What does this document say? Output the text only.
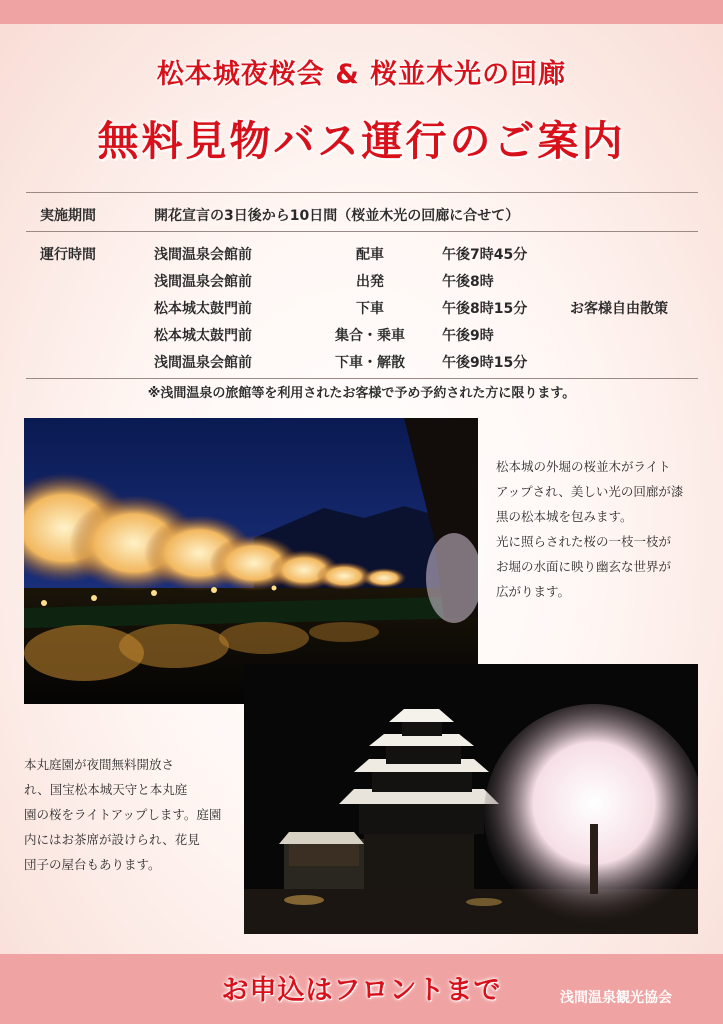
松本城夜桜会 & 桜並木光の回廊
無料見物バス運行のご案内
実施期間	開花宣言の3日後から10日間（桜並木光の回廊に合せて）
運行時間	浅間温泉会館前	配車	午後7時45分
浅間温泉会館前	出発	午後8時
松本城太鼓門前	下車	午後8時15分	お客様自由散策
松本城太鼓門前	集合・乗車	午後9時
浅間温泉会館前	下車・解散	午後9時15分
※浅間温泉の旅館等を利用されたお客様で予め予約された方に限ります。
松本城の外堀の桜並木がライト
アップされ、美しい光の回廊が漆
黒の松本城を包みます。
光に照らされた桜の一枝一枝が
お堀の水面に映り幽玄な世界が
広がります。
本丸庭園が夜間無料開放さ
れ、国宝松本城天守と本丸庭
園の桜をライトアップします。庭園
内にはお茶席が設けられ、花見
団子の屋台もあります。
お申込はフロントまで	浅間温泉観光協会
